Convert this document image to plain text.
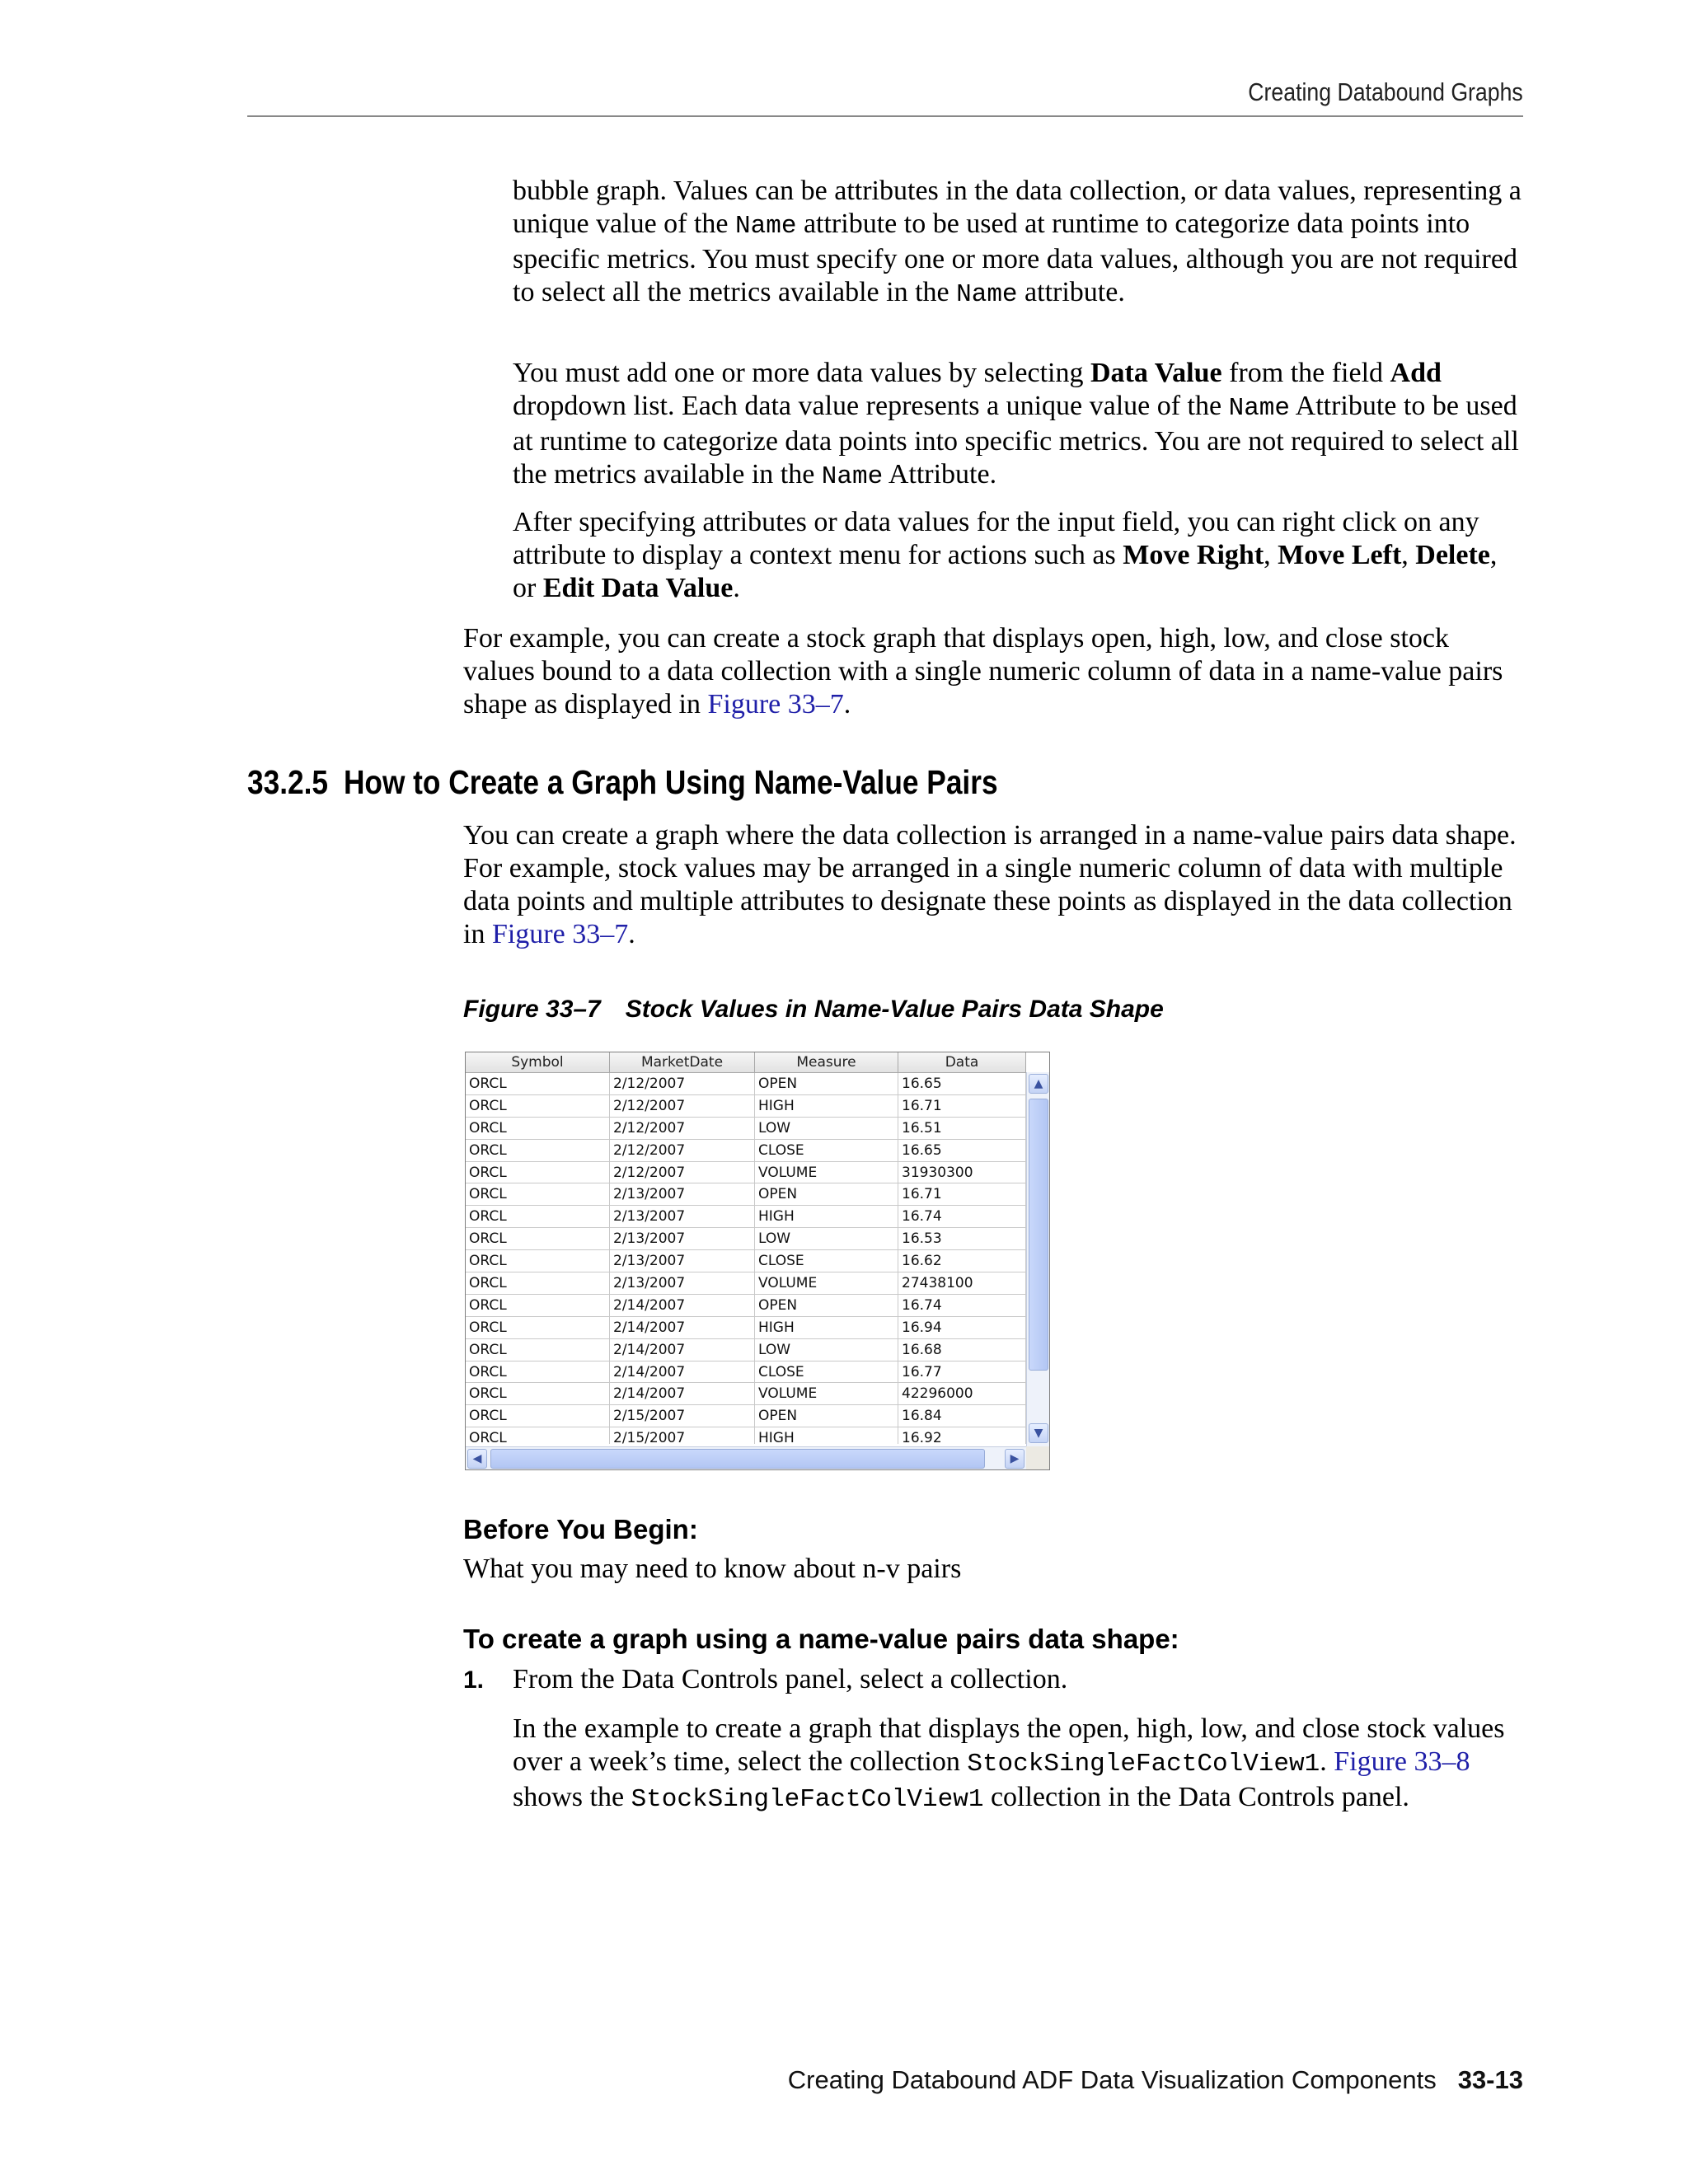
Creating Databound Graphs

bubble graph. Values can be attributes in the data collection, or data values, representing a unique value of the Name attribute to be used at runtime to categorize data points into specific metrics. You must specify one or more data values, although you are not required to select all the metrics available in the Name attribute.

You must add one or more data values by selecting Data Value from the field Add dropdown list. Each data value represents a unique value of the Name Attribute to be used at runtime to categorize data points into specific metrics. You are not required to select all the metrics available in the Name Attribute.

After specifying attributes or data values for the input field, you can right click on any attribute to display a context menu for actions such as Move Right, Move Left, Delete, or Edit Data Value.

For example, you can create a stock graph that displays open, high, low, and close stock values bound to a data collection with a single numeric column of data in a name-value pairs shape as displayed in Figure 33–7.

33.2.5 How to Create a Graph Using Name-Value Pairs

You can create a graph where the data collection is arranged in a name-value pairs data shape. For example, stock values may be arranged in a single numeric column of data with multiple data points and multiple attributes to designate these points as displayed in the data collection in Figure 33–7.

Figure 33–7 Stock Values in Name-Value Pairs Data Shape

Symbol	MarketDate	Measure	Data
ORCL	2/12/2007	OPEN	16.65
ORCL	2/12/2007	HIGH	16.71
ORCL	2/12/2007	LOW	16.51
ORCL	2/12/2007	CLOSE	16.65
ORCL	2/12/2007	VOLUME	31930300
ORCL	2/13/2007	OPEN	16.71
ORCL	2/13/2007	HIGH	16.74
ORCL	2/13/2007	LOW	16.53
ORCL	2/13/2007	CLOSE	16.62
ORCL	2/13/2007	VOLUME	27438100
ORCL	2/14/2007	OPEN	16.74
ORCL	2/14/2007	HIGH	16.94
ORCL	2/14/2007	LOW	16.68
ORCL	2/14/2007	CLOSE	16.77
ORCL	2/14/2007	VOLUME	42296000
ORCL	2/15/2007	OPEN	16.84
ORCL	2/15/2007	HIGH	16.92
▲
▼
◀	▶
Before You Begin:

What you may need to know about n-v pairs

To create a graph using a name-value pairs data shape:
1. From the Data Controls panel, select a collection.

In the example to create a graph that displays the open, high, low, and close stock values over a week’s time, select the collection StockSingleFactColView1. Figure 33–8 shows the StockSingleFactColView1 collection in the Data Controls panel.

Creating Databound ADF Data Visualization Components 33-13
